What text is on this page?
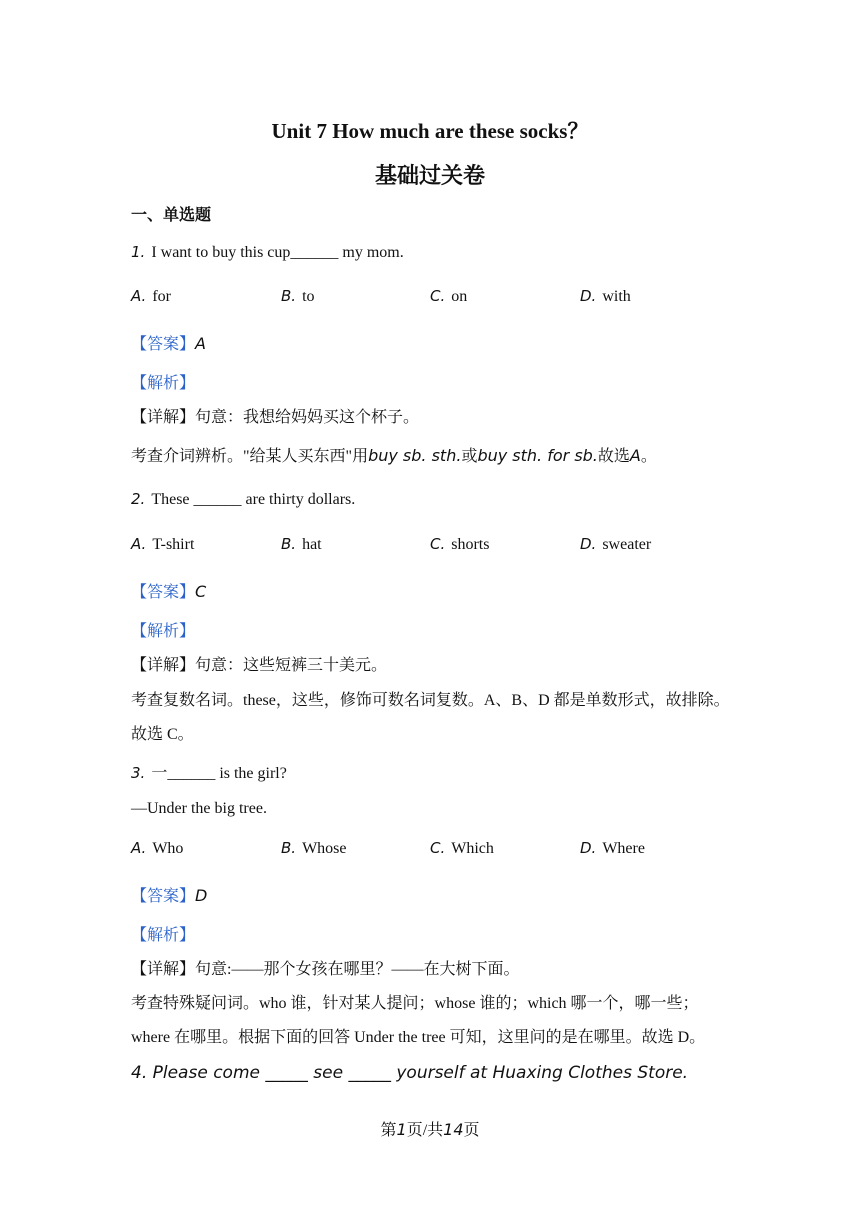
Unit 7 How much are these socks？
基础过关卷
一、单选题
1. I want to buy this cup______ my mom.
A. for	B. to	C. on	D. with
【答案】A
【解析】
【详解】句意：我想给妈妈买这个杯子。
考查介词辨析。"给某人买东西"用buy sb. sth.或buy sth. for sb.故选A。
2. These ______ are thirty dollars.
A. T-shirt	B. hat	C. shorts	D. sweater
【答案】C
【解析】
【详解】句意：这些短裤三十美元。
考查复数名词。these，这些，修饰可数名词复数。A、B、D 都是单数形式，故排除。
故选 C。
3. 一______ is the girl?
—Under the big tree.
A. Who	B. Whose	C. Which	D. Where
【答案】D
【解析】
【详解】句意:——那个女孩在哪里？——在大树下面。
考查特殊疑问词。who 谁，针对某人提问；whose 谁的；which 哪一个，哪一些；
where 在哪里。根据下面的回答 Under the tree 可知，这里问的是在哪里。故选 D。
4. Please come _____ see _____ yourself at Huaxing Clothes Store.
第1页/共14页
